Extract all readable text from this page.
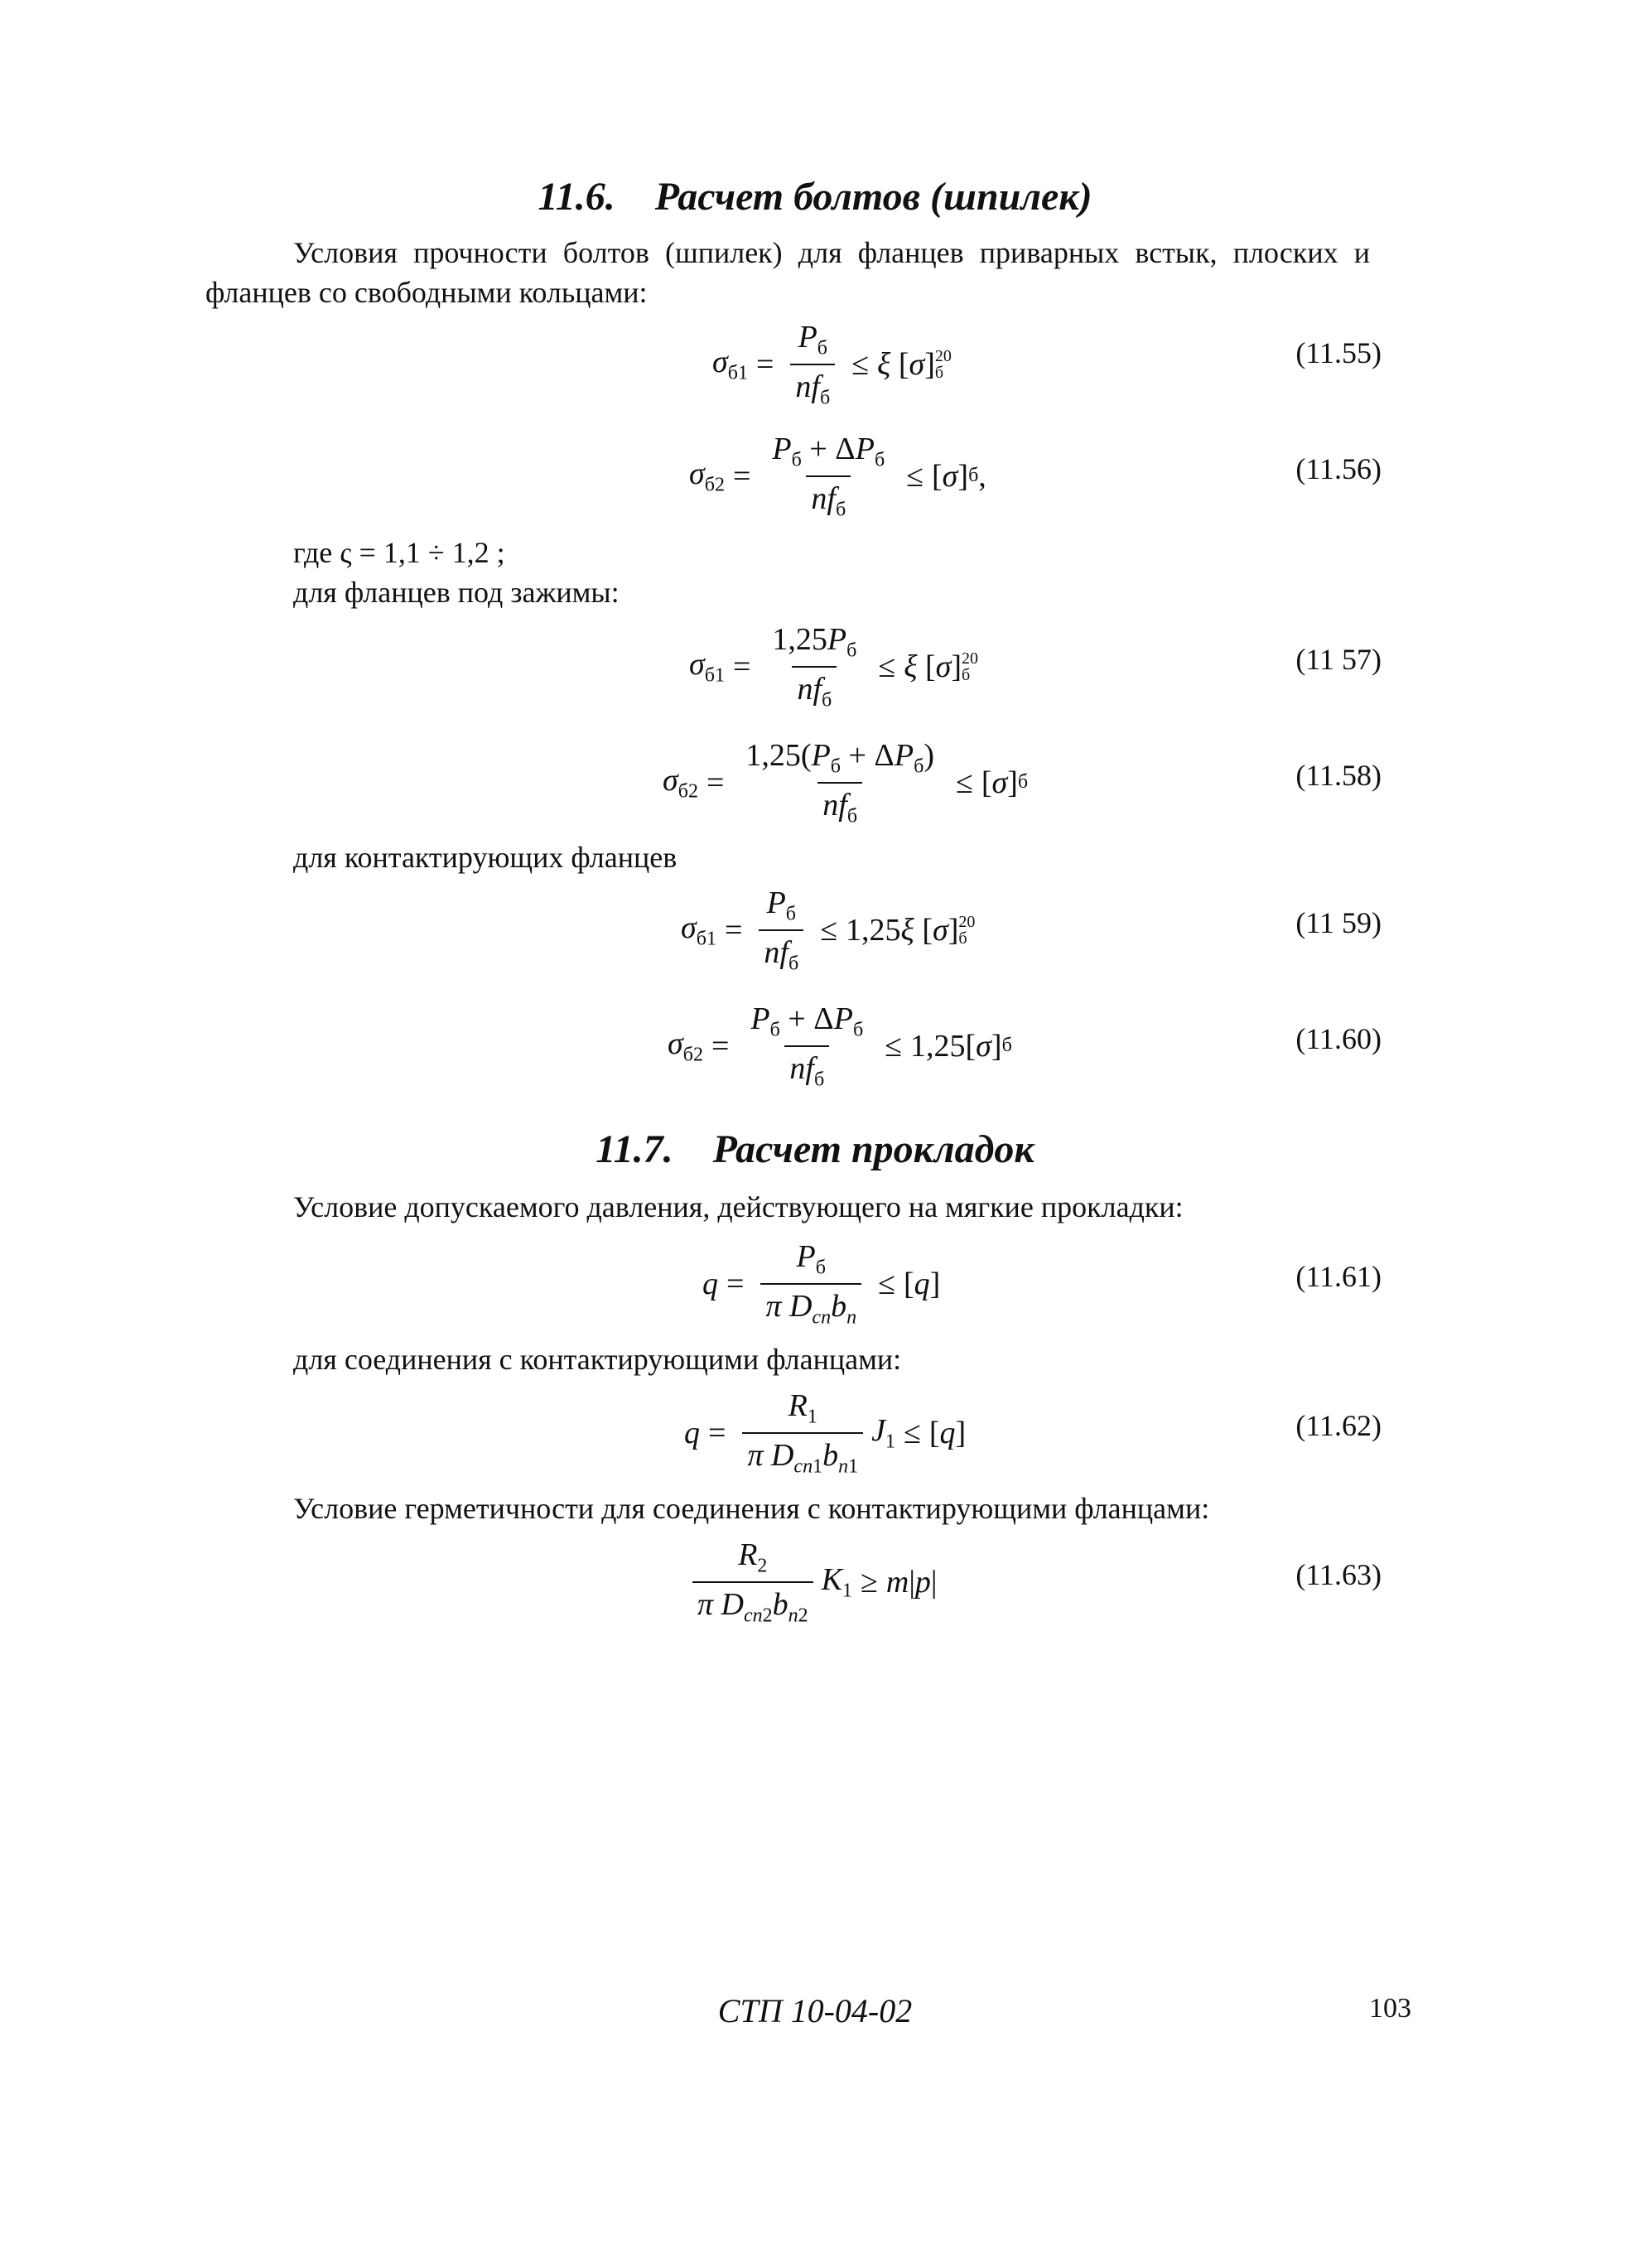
11.6. Расчет болтов (шпилек)
Условия прочности болтов (шпилек) для фланцев приварных встык, плоских и
фланцев со свободными кольцами:
$\sigma_{б1} = \frac{P_б}{nf_б} \le \xi$
[ σ ] 20
б
(11.55)
$\sigma_{б2} = \frac{P_б + \Delta P_б}{nf_б}$ ≤ [ σ ] б ,	(11.56)
где ς = 1,1 ÷ 1,2 ;
для фланцев под зажимы:
$\sigma_{б1} = \frac{1,25P_б}{nf_б} \le \xi$
[ σ ] 20
б	(11 57)
$\sigma_{б2} = \frac{1,25(P_б + \Delta P_б)}{nf_б}$ ≤ [ σ ] б	(11.58)
для контактирующих фланцев
$\sigma_{б1} = \frac{P_б}{nf_б} \le 1,25$ ξ [ σ ] 20
б	(11 59)
$\sigma_{б2} = \frac{P_б + \Delta P_б}{nf_б} \le 1,25$[ σ ] б	(11.60)
11.7. Расчет прокладок
Условие допускаемого давления, действующего на мягкие прокладки:
$q = \frac{P_б}{\pi D_{cn}b_n}$ ≤ [ q ]	(11.61)
для соединения с контактирующими фланцами:
$q = \frac{R_1}{\pi D_{cn1}b_{n1}} J_1$ ≤ [ q ]	(11.62)
Условие герметичности для соединения с контактирующими фланцами:
$\frac{R_2}{\pi D_{cn2}b_{n2}} K_1 \ge m$ | p |	(11.63)
СТП 10-04-02	103
